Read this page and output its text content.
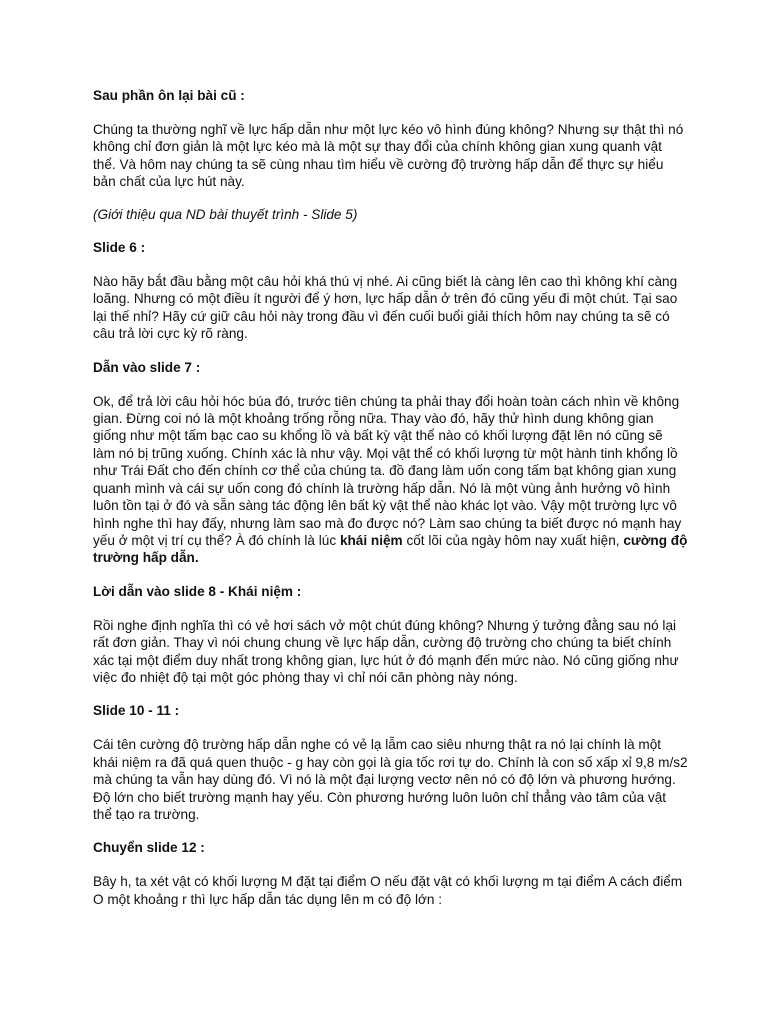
Sau phần ôn lại bài cũ :

Chúng ta thường nghĩ về lực hấp dẫn như một lực kéo vô hình đúng không? Nhưng sự thật thì nó không chỉ đơn giản là một lực kéo mà là một sự thay đổi của chính không gian xung quanh vật thể. Và hôm nay chúng ta sẽ cùng nhau tìm hiểu về cường độ trường hấp dẫn để thực sự hiểu bản chất của lực hút này.

(Giới thiệu qua ND bài thuyết trình - Slide 5)

Slide 6 :

Nào hãy bắt đầu bằng một câu hỏi khá thú vị nhé. Ai cũng biết là càng lên cao thì không khí càng loãng. Nhưng có một điều ít người để ý hơn, lực hấp dẫn ở trên đó cũng yếu đi một chút. Tại sao lại thế nhỉ? Hãy cứ giữ câu hỏi này trong đầu vì đến cuối buổi giải thích hôm nay chúng ta sẽ có câu trả lời cực kỳ rõ ràng.

Dẫn vào slide 7 :

Ok, để trả lời câu hỏi hóc búa đó, trước tiên chúng ta phải thay đổi hoàn toàn cách nhìn về không gian. Đừng coi nó là một khoảng trống rỗng nữa. Thay vào đó, hãy thử hình dung không gian giống như một tấm bạc cao su khổng lồ và bất kỳ vật thể nào có khối lượng đặt lên nó cũng sẽ làm nó bị trũng xuống. Chính xác là như vậy. Mọi vật thể có khối lượng từ một hành tinh khổng lồ như Trái Đất cho đến chính cơ thể của chúng ta. đồ đang làm uốn cong tấm bạt không gian xung quanh mình và cái sự uốn cong đó chính là trường hấp dẫn. Nó là một vùng ảnh hưởng vô hình luôn tồn tại ở đó và sẵn sàng tác động lên bất kỳ vật thể nào khác lọt vào. Vậy một trường lực vô hình nghe thì hay đấy, nhưng làm sao mà đo được nó? Làm sao chúng ta biết được nó mạnh hay yếu ở một vị trí cụ thể? À đó chính là lúc khái niệm cốt lõi của ngày hôm nay xuất hiện, cường độ trường hấp dẫn.

Lời dẫn vào slide 8 - Khái niệm :

Rồi nghe định nghĩa thì có vẻ hơi sách vở một chút đúng không? Nhưng ý tưởng đằng sau nó lại rất đơn giản. Thay vì nói chung chung về lực hấp dẫn, cường độ trường cho chúng ta biết chính xác tại một điểm duy nhất trong không gian, lực hút ở đó mạnh đến mức nào. Nó cũng giống như việc đo nhiệt độ tại một góc phòng thay vì chỉ nói căn phòng này nóng.

Slide 10 - 11 :

Cái tên cường độ trường hấp dẫn nghe có vẻ lạ lẫm cao siêu nhưng thật ra nó lại chính là một khái niệm ra đã quá quen thuộc - g hay còn gọi là gia tốc rơi tự do. Chính là con số xấp xỉ 9,8 m/s2 mà chúng ta vẫn hay dùng đó. Vì nó là một đại lượng vectơ nên nó có độ lớn và phương hướng. Độ lớn cho biết trường mạnh hay yếu. Còn phương hướng luôn luôn chỉ thẳng vào tâm của vật thể tạo ra trường.

Chuyển slide 12 :

Bây h, ta xét vật có khối lượng M đặt tại điểm O nếu đặt vật có khối lượng m tại điểm A cách điểm O một khoảng r thì lực hấp dẫn tác dụng lên m có độ lớn :
